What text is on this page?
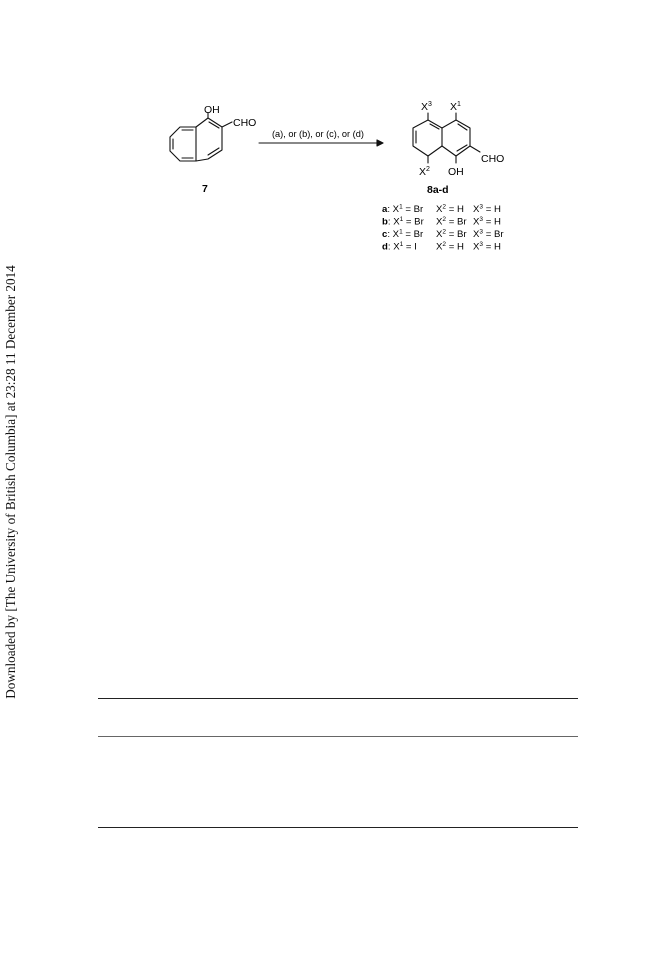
Downloaded by [The University of British Columbia] at 23:28 11 December 2014
OH
CHO
7
(a), or (b), or (c), or (d)
$X^3$ $X^1$
$X^2$ OH
CHO
8a-d
a: $X^1 = Br$ $X^2 = H$ $X^3 = H$
b: $X^1 = Br$ $X^2 = Br$ $X^3 = H$
c: $X^1 = Br$ $X^2 = Br$ $X^3 = Br$
d: $X^1 = I$ $X^2 = H$ $X^3 = H$
